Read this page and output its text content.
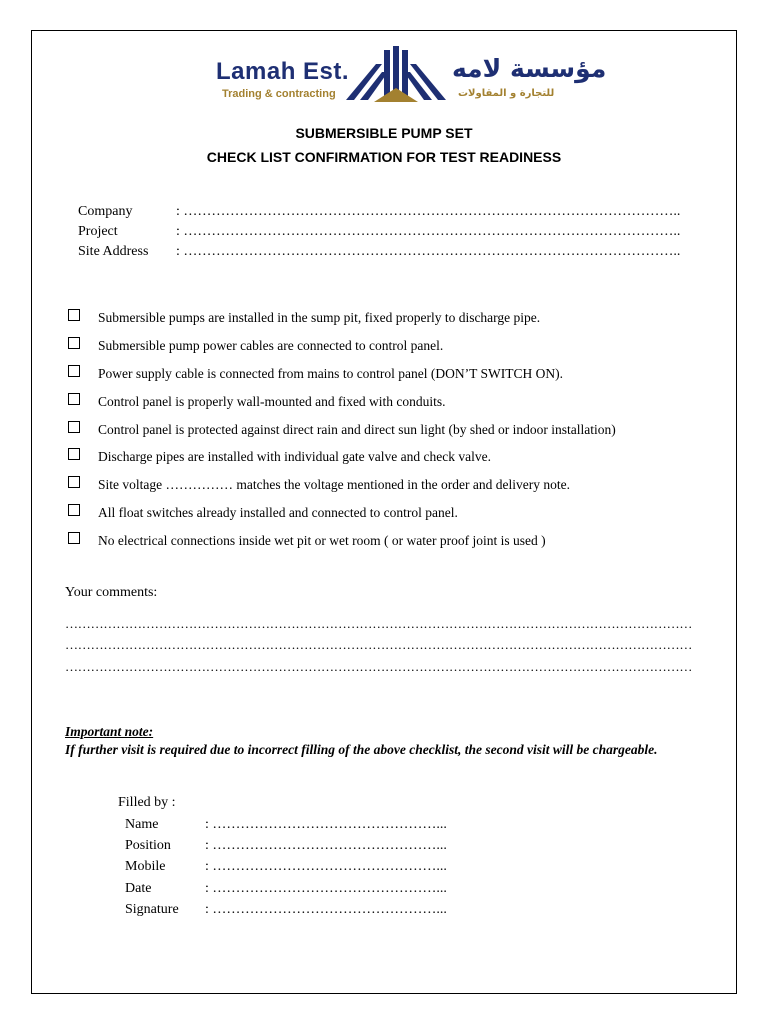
Lamah Est.
Trading & contracting
مؤسسة لامه
للتجارة و المقاولات
SUBMERSIBLE PUMP SET
CHECK LIST CONFIRMATION FOR TEST READINESS
Company	: ……………………………………………………………………………………………..
Project	: ……………………………………………………………………………………………..
Site Address : ……………………………………………………………………………………………..
Submersible pumps are installed in the sump pit, fixed properly to discharge pipe.
Submersible pump power cables are connected to control panel.
Power supply cable is connected from mains to control panel (DON’T SWITCH ON).
Control panel is properly wall-mounted and fixed with conduits.
Control panel is protected against direct rain and direct sun light (by shed or indoor installation)
Discharge pipes are installed with individual gate valve and check valve.
Site voltage …………… matches the voltage mentioned in the order and delivery note.
All float switches already installed and connected to control panel.
No electrical connections inside wet pit or wet room ( or water proof joint is used )
Your comments:
…………………………………………………………………………………………………………………………………
…………………………………………………………………………………………………………………………………
…………………………………………………………………………………………………………………………………
Important note:
If further visit is required due to incorrect filling of the above checklist, the second visit will be chargeable.
Filled by :
Name	: …………………………………………...
Position : …………………………………………...
Mobile	: …………………………………………...
Date	: …………………………………………...
Signature : …………………………………………...
